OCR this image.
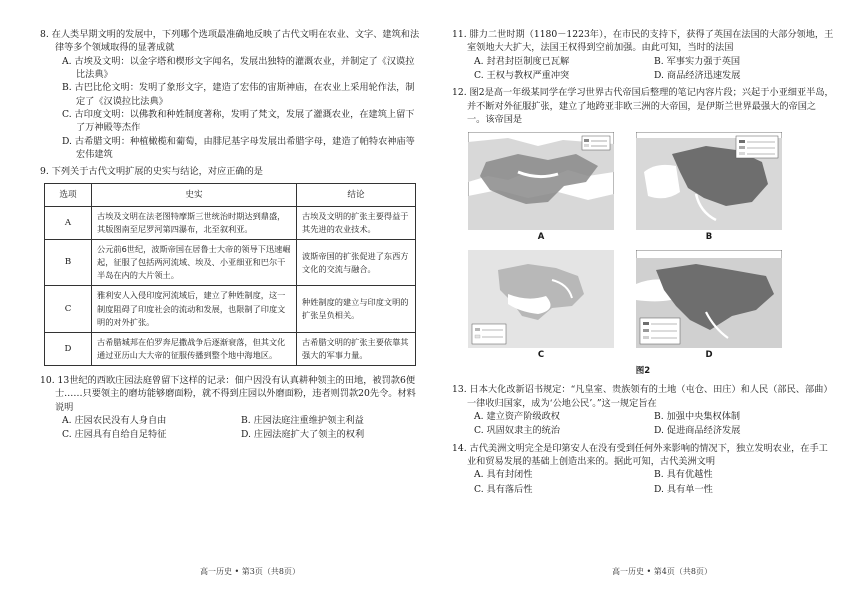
8. 在人类早期文明的发展中，下列哪个选项最准确地反映了古代文明在农业、文字、建筑和法律等多个领域取得的显著成就

A. 古埃及文明：以金字塔和楔形文字闻名，发展出独特的灌溉农业，并制定了《汉谟拉比法典》

B. 古巴比伦文明：发明了象形文字，建造了宏伟的宙斯神庙，在农业上采用轮作法，制定了《汉谟拉比法典》

C. 古印度文明：以佛教和种姓制度著称，发明了梵文，发展了灌溉农业，在建筑上留下了万神殿等杰作

D. 古希腊文明：种植橄榄和葡萄，由腓尼基字母发展出希腊字母，建造了帕特农神庙等宏伟建筑

9. 下列关于古代文明扩展的史实与结论，对应正确的是

选项	史实	结论
A	古埃及文明在法老图特摩斯三世统治时期达到鼎盛，其版图南至尼罗河第四瀑布，北至叙利亚。	古埃及文明的扩张主要得益于其先进的农业技术。
B	公元前6世纪，波斯帝国在居鲁士大帝的领导下迅速崛起，征服了包括两河流域、埃及、小亚细亚和巴尔干半岛在内的大片领土。	波斯帝国的扩张促进了东西方文化的交流与融合。
C	雅利安人入侵印度河流域后，建立了种姓制度，这一制度阻碍了印度社会的流动和发展，也限制了印度文明的对外扩张。	种姓制度的建立与印度文明的扩张呈负相关。
D	古希腊城邦在伯罗奔尼撒战争后逐渐衰落，但其文化通过亚历山大大帝的征服传播到整个地中海地区。	古希腊文明的扩张主要依靠其强大的军事力量。

10. 13世纪的西欧庄园法庭曾留下这样的记录：佃户因没有认真耕种领主的田地，被罚款6便士……只要领主的磨坊能够磨面粉，就不得到庄园以外磨面粉，违者则罚款20先令。材料说明

A. 庄园农民没有人身自由	B. 庄园法庭注重维护领主利益
C. 庄园具有自给自足特征	D. 庄园法庭扩大了领主的权利
高一历史 • 第3页（共8页）

11. 腓力二世时期（1180－1223年），在市民的支持下，获得了英国在法国的大部分领地，王室领地大大扩大，法国王权得到空前加强。由此可知，当时的法国

A. 封君封臣制度已瓦解	B. 军事实力强于英国
C. 王权与教权严重冲突	D. 商品经济迅速发展

12. 图2是高一年级某同学在学习世界古代帝国后整理的笔记内容片段；兴起于小亚细亚半岛，并不断对外征服扩张，建立了地跨亚非欧三洲的大帝国，是伊斯兰世界最强大的帝国之一。该帝国是

A	B
C	D
图2

13. 日本大化改新诏书规定：“凡皇室、贵族领有的土地（屯仓、田庄）和人民（部民、部曲）一律收归国家，成为‘公地公民’。”这一规定旨在

A. 建立资产阶级政权	B. 加强中央集权体制
C. 巩固奴隶主的统治	D. 促进商品经济发展

14. 古代美洲文明完全是印第安人在没有受到任何外来影响的情况下，独立发明农业，在手工业和贸易发展的基础上创造出来的。据此可知，古代美洲文明

A. 具有封闭性	B. 具有优越性
C. 具有落后性	D. 具有单一性
高一历史 • 第4页（共8页）
